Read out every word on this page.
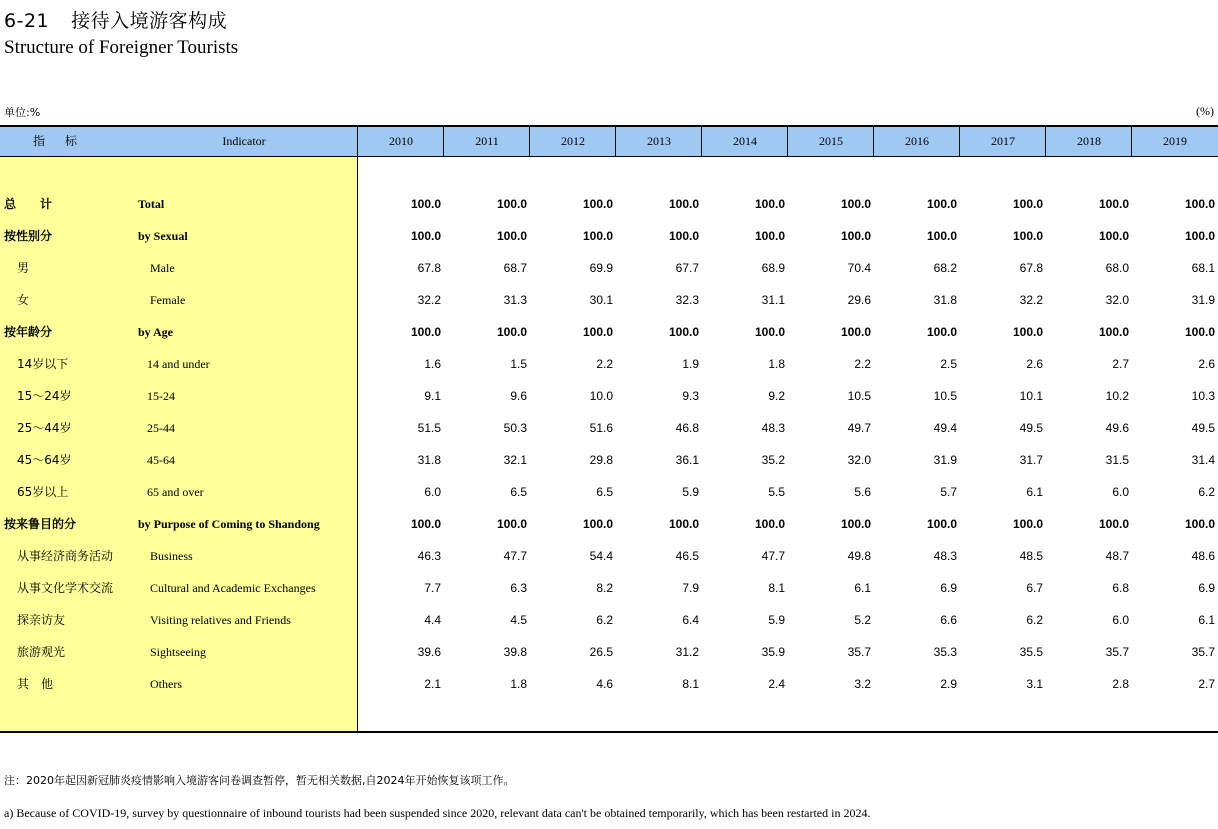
6-21 接待入境游客构成
Structure of Foreigner Tourists
单位:%	(%)
指标	Indicator	2010	2011	2012	2013	2014	2015	2016	2017	2018	2019
总　　计	Total	100.0	100.0	100.0	100.0	100.0	100.0	100.0	100.0	100.0	100.0
按性别分	by Sexual	100.0	100.0	100.0	100.0	100.0	100.0	100.0	100.0	100.0	100.0
男	Male	67.8	68.7	69.9	67.7	68.9	70.4	68.2	67.8	68.0	68.1
女	Female	32.2	31.3	30.1	32.3	31.1	29.6	31.8	32.2	32.0	31.9
按年龄分	by Age	100.0	100.0	100.0	100.0	100.0	100.0	100.0	100.0	100.0	100.0
14岁以下	14 and under	1.6	1.5	2.2	1.9	1.8	2.2	2.5	2.6	2.7	2.6
15～24岁	15-24	9.1	9.6	10.0	9.3	9.2	10.5	10.5	10.1	10.2	10.3
25～44岁	25-44	51.5	50.3	51.6	46.8	48.3	49.7	49.4	49.5	49.6	49.5
45～64岁	45-64	31.8	32.1	29.8	36.1	35.2	32.0	31.9	31.7	31.5	31.4
65岁以上	65 and over	6.0	6.5	6.5	5.9	5.5	5.6	5.7	6.1	6.0	6.2
按来鲁目的分	by Purpose of Coming to Shandong	100.0	100.0	100.0	100.0	100.0	100.0	100.0	100.0	100.0	100.0
从事经济商务活动	Business	46.3	47.7	54.4	46.5	47.7	49.8	48.3	48.5	48.7	48.6
从事文化学术交流	Cultural and Academic Exchanges	7.7	6.3	8.2	7.9	8.1	6.1	6.9	6.7	6.8	6.9
探亲访友	Visiting relatives and Friends	4.4	4.5	6.2	6.4	5.9	5.2	6.6	6.2	6.0	6.1
旅游观光	Sightseeing	39.6	39.8	26.5	31.2	35.9	35.7	35.3	35.5	35.7	35.7
其　他	Others	2.1	1.8	4.6	8.1	2.4	3.2	2.9	3.1	2.8	2.7
注：2020年起因新冠肺炎疫情影响入境游客问卷调查暂停，暂无相关数据,自2024年开始恢复该项工作。
a) Because of COVID-19, survey by questionnaire of inbound tourists had been suspended since 2020, relevant data can't be obtained temporarily, which has been restarted in 2024.
